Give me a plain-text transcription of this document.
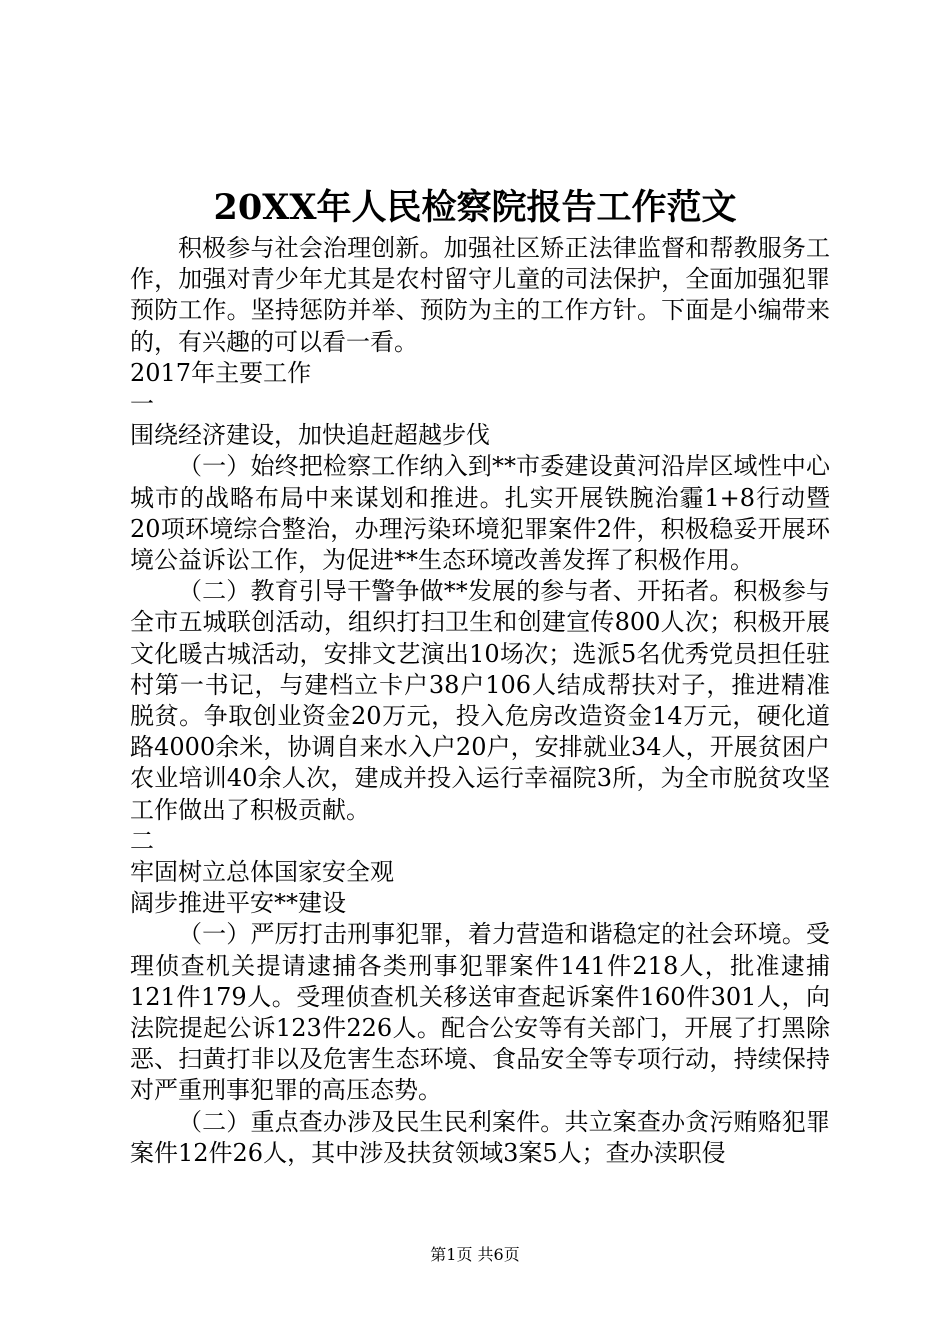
20XX年人民检察院报告工作范文

积极参与社会治理创新。加强社区矫正法律监督和帮教服务工作，加强对青少年尤其是农村留守儿童的司法保护，全面加强犯罪预防工作。坚持惩防并举、预防为主的工作方针。下面是小编带来的，有兴趣的可以看一看。

2017年主要工作

一

围绕经济建设，加快追赶超越步伐

（一）始终把检察工作纳入到**市委建设黄河沿岸区域性中心城市的战略布局中来谋划和推进。扎实开展铁腕治霾1+8行动暨20项环境综合整治，办理污染环境犯罪案件2件，积极稳妥开展环境公益诉讼工作，为促进**生态环境改善发挥了积极作用。

（二）教育引导干警争做**发展的参与者、开拓者。积极参与全市五城联创活动，组织打扫卫生和创建宣传800人次；积极开展文化暖古城活动，安排文艺演出10场次；选派5名优秀党员担任驻村第一书记，与建档立卡户38户106人结成帮扶对子，推进精准脱贫。争取创业资金20万元，投入危房改造资金14万元，硬化道路4000余米，协调自来水入户20户，安排就业34人，开展贫困户农业培训40余人次，建成并投入运行幸福院3所，为全市脱贫攻坚工作做出了积极贡献。

二

牢固树立总体国家安全观

阔步推进平安**建设

（一）严厉打击刑事犯罪，着力营造和谐稳定的社会环境。受理侦查机关提请逮捕各类刑事犯罪案件141件218人，批准逮捕121件179人。受理侦查机关移送审查起诉案件160件301人，向法院提起公诉123件226人。配合公安等有关部门，开展了打黑除恶、扫黄打非以及危害生态环境、食品安全等专项行动，持续保持对严重刑事犯罪的高压态势。

（二）重点查办涉及民生民利案件。共立案查办贪污贿赂犯罪案件12件26人，其中涉及扶贫领域3案5人；查办渎职侵

第1页 共6页
